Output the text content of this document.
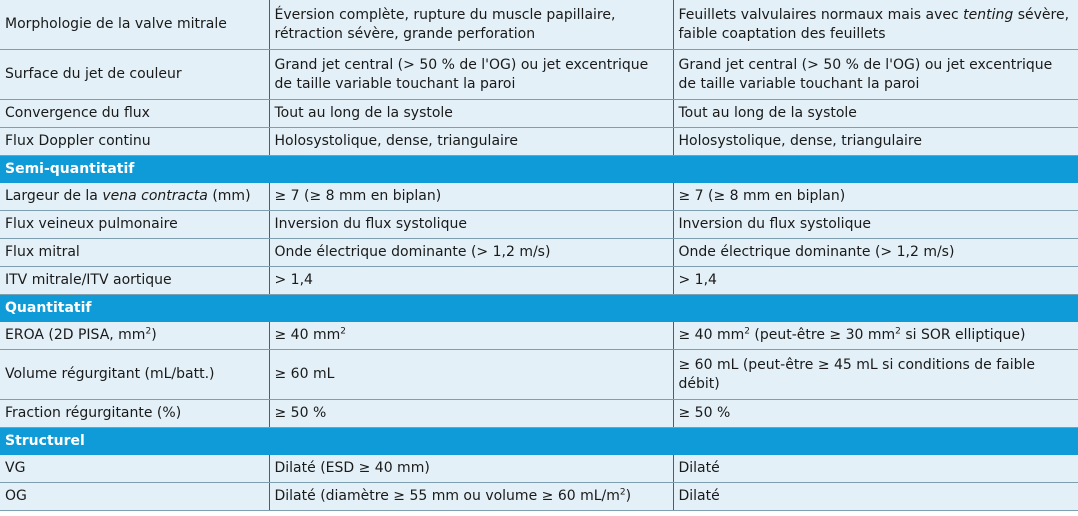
Morphologie de la valve mitrale	Éversion complète, rupture du muscle papillaire, rétraction sévère, grande perforation	Feuillets valvulaires normaux mais avec tenting sévère, faible coaptation des feuillets
Surface du jet de couleur	Grand jet central (> 50 % de l'OG) ou jet excentrique de taille variable touchant la paroi	Grand jet central (> 50 % de l'OG) ou jet excentrique de taille variable touchant la paroi
Convergence du flux	Tout au long de la systole	Tout au long de la systole
Flux Doppler continu	Holosystolique, dense, triangulaire	Holosystolique, dense, triangulaire
Semi-quantitatif		
Largeur de la vena contracta (mm)	≥ 7 (≥ 8 mm en biplan)	≥ 7 (≥ 8 mm en biplan)
Flux veineux pulmonaire	Inversion du flux systolique	Inversion du flux systolique
Flux mitral	Onde électrique dominante (> 1,2 m/s)	Onde électrique dominante (> 1,2 m/s)
ITV mitrale/ITV aortique	> 1,4	> 1,4
Quantitatif		
EROA (2D PISA, $mm^2$)	≥ 40 $mm^2$	≥ 40 $mm^2$ (peut-être ≥ 30 $mm^2$ si SOR elliptique)
Volume régurgitant (mL/batt.)	≥ 60 mL	≥ 60 mL (peut-être ≥ 45 mL si conditions de faible débit)
Fraction régurgitante (%)	≥ 50 %	≥ 50 %
Structurel		
VG	Dilaté (ESD ≥ 40 mm)	Dilaté
OG	Dilaté (diamètre ≥ 55 mm ou volume ≥ 60 $mL/m^2$)	Dilaté
